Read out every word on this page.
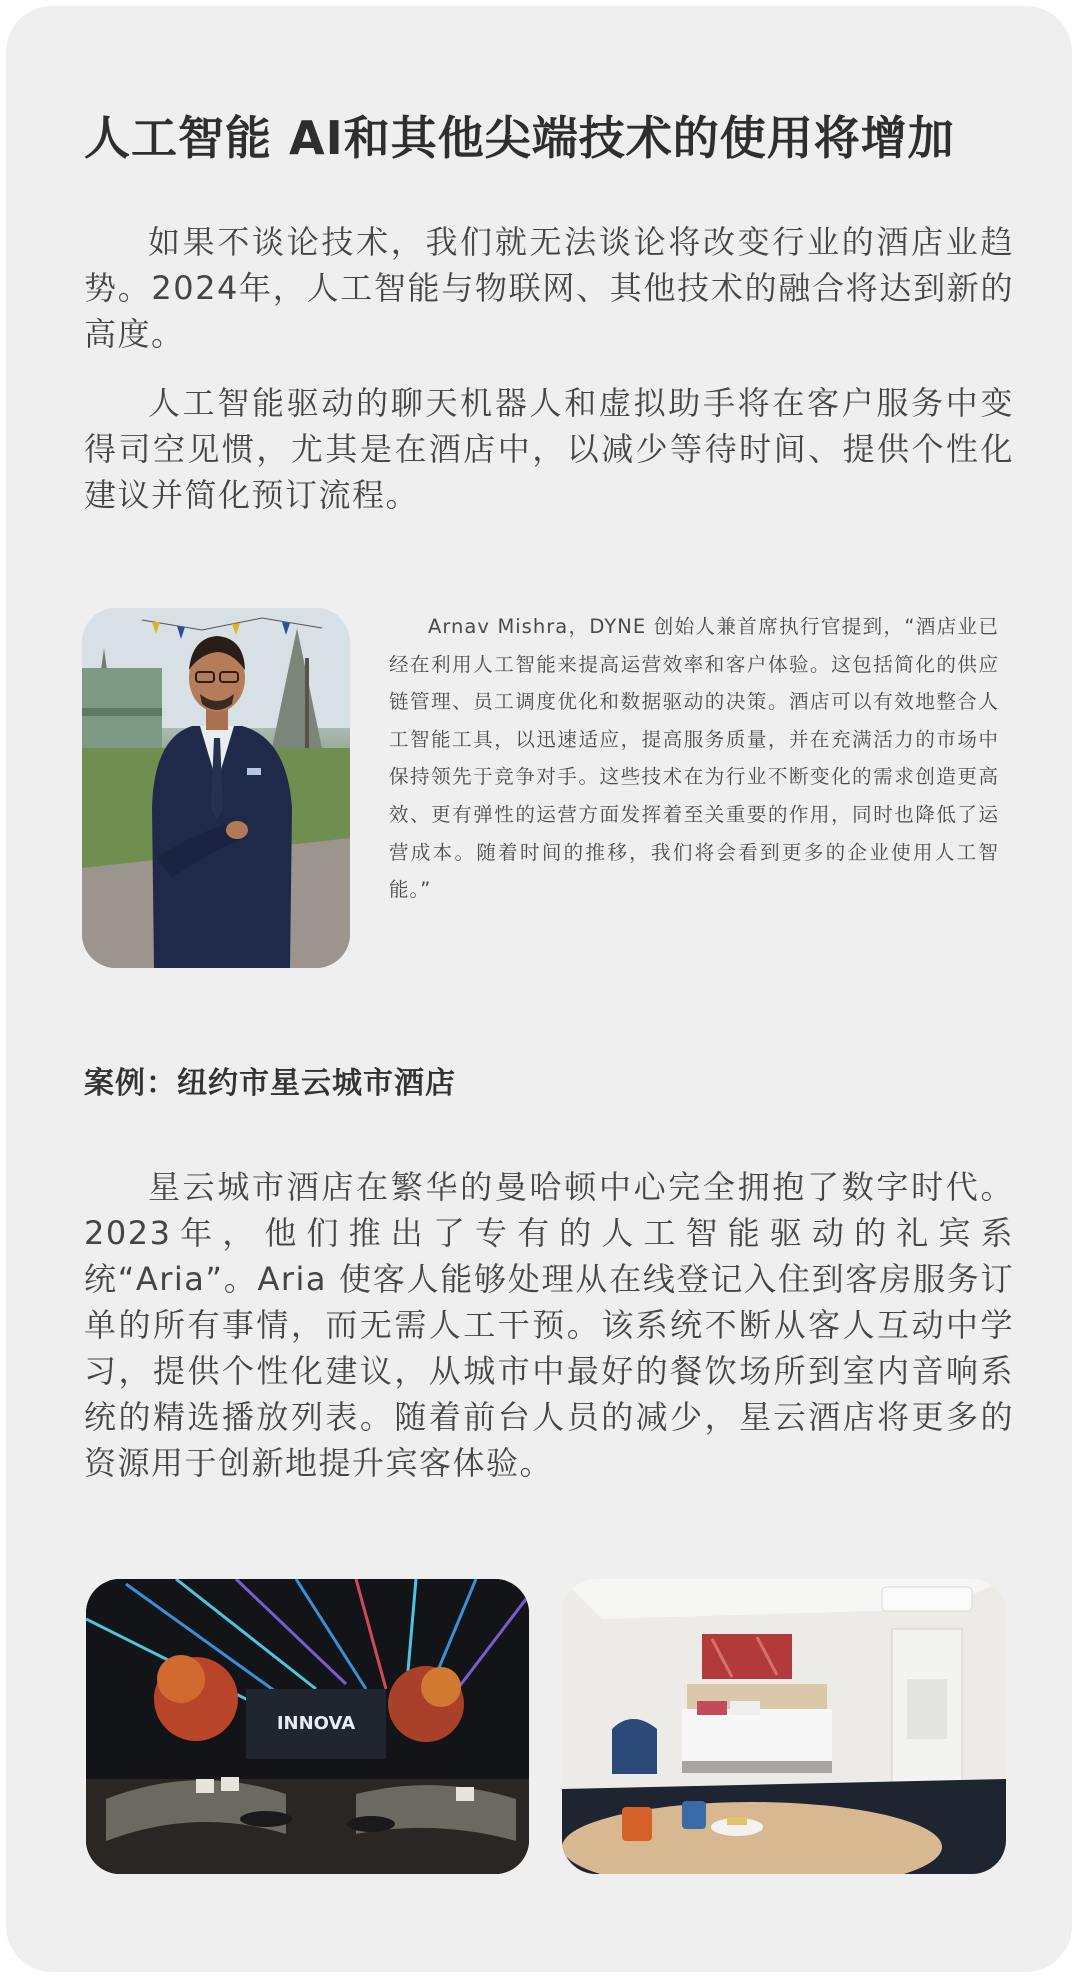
人工智能 AI和其他尖端技术的使用将增加

如果不谈论技术，我们就无法谈论将改变行业的酒店业趋势。2024年，人工智能与物联网、其他技术的融合将达到新的高度。

人工智能驱动的聊天机器人和虚拟助手将在客户服务中变得司空见惯，尤其是在酒店中，以减少等待时间、提供个性化建议并简化预订流程。

Arnav Mishra，DYNE 创始人兼首席执行官提到，“酒店业已经在利用人工智能来提高运营效率和客户体验。这包括简化的供应链管理、员工调度优化和数据驱动的决策。酒店可以有效地整合人工智能工具，以迅速适应，提高服务质量，并在充满活力的市场中保持领先于竞争对手。这些技术在为行业不断变化的需求创造更高效、更有弹性的运营方面发挥着至关重要的作用，同时也降低了运营成本。随着时间的推移，我们将会看到更多的企业使用人工智能。”

案例：纽约市星云城市酒店

星云城市酒店在繁华的曼哈顿中心完全拥抱了数字时代。2023年，他们推出了专有的人工智能驱动的礼宾系统“Aria”。Aria 使客人能够处理从在线登记入住到客房服务订单的所有事情，而无需人工干预。该系统不断从客人互动中学习，提供个性化建议，从城市中最好的餐饮场所到室内音响系统的精选播放列表。随着前台人员的减少，星云酒店将更多的资源用于创新地提升宾客体验。

INNOVA
